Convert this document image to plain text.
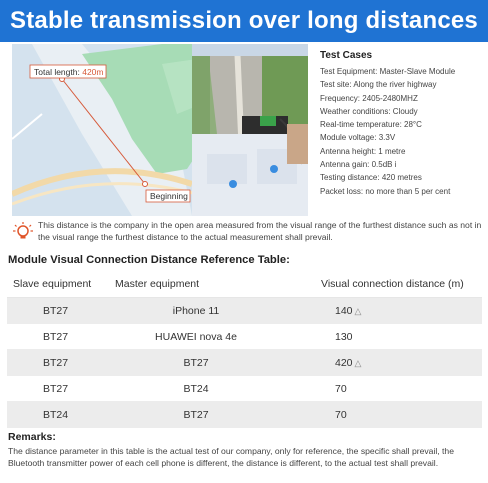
Stable transmission over long distances
Total length: 420m
Beginning
Test Cases
Test Equipment: Master-Slave Module
Test site: Along the river highway
Frequency: 2405-2480MHZ
Weather conditions: Cloudy
Real-time temperature: 28°C
Module voltage: 3.3V
Antenna height: 1 metre
Antenna gain: 0.5dB i
Testing distance: 420 metres
Packet loss: no more than 5 per cent
This distance is the company in the open area measured from the visual range of the furthest distance such as not in the visual range the furthest distance to the actual measurement shall prevail.
Module Visual Connection Distance Reference Table:
Slave equipment	Master equipment	Visual connection distance (m)
BT27	iPhone 11	140 △
BT27	HUAWEI nova 4e	130
BT27	BT27	420 △
BT27	BT24	70
BT24	BT27	70
Remarks:
The distance parameter in this table is the actual test of our company, only for reference, the specific shall prevail, the Bluetooth transmitter power of each cell phone is different, the distance is different, to the actual test shall prevail.
